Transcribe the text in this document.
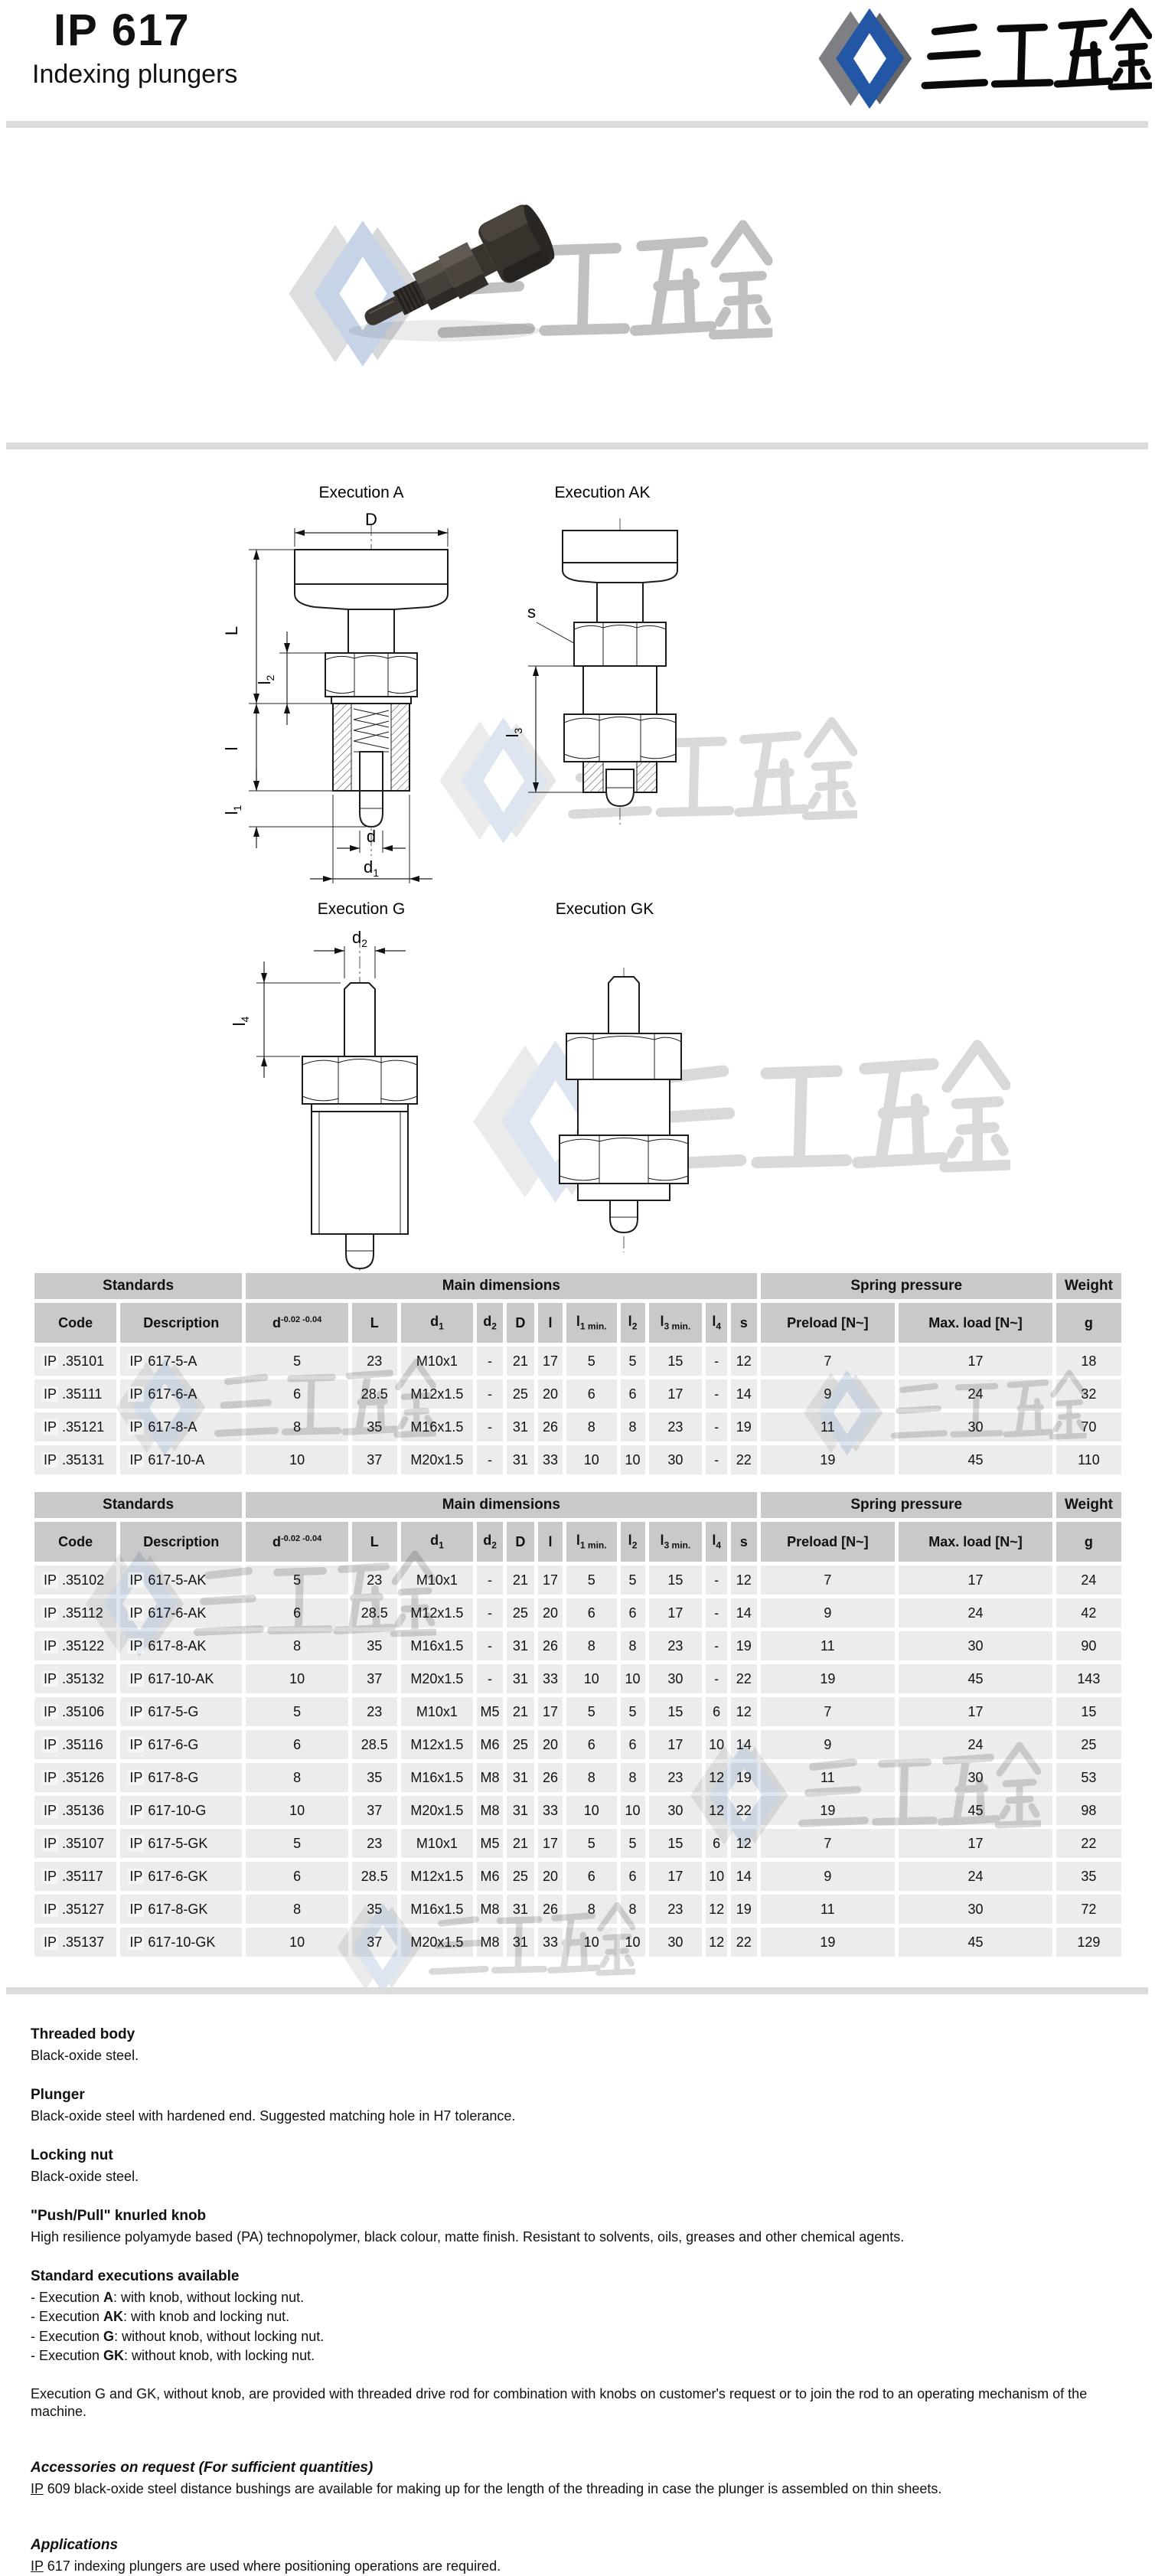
IP 617
Indexing plungers
Execution A	Execution AK
Execution G	Execution GK
D
L
$l_2$
l
$l_1$
d
$d_1$
s
$l_3$
$d_2$
$l_4$
Standards		Main dimensions											Spring pressure		Weight
Code	Description	$d^{-0.02 -0.04}$	L	$d_1$	$d_2$	D	l	$l_{1 min.}$	$l_2$	$l_{3 min.}$	$l_4$	s	Preload [N~]	Max. load [N~]	g
IP .35101	IP 617-5-A	5	23	M10x1	-	21	17	5	5	15	-	12	7	17	18
IP .35111	IP 617-6-A	6	28.5	M12x1.5	-	25	20	6	6	17	-	14	9	24	32
IP .35121	IP 617-8-A	8	35	M16x1.5	-	31	26	8	8	23	-	19	11	30	70
IP .35131	IP 617-10-A	10	37	M20x1.5	-	31	33	10	10	30	-	22	19	45	110
Standards		Main dimensions											Spring pressure		Weight
Code	Description	$d^{-0.02 -0.04}$	L	$d_1$	$d_2$	D	l	$l_{1 min.}$	$l_2$	$l_{3 min.}$	$l_4$	s	Preload [N~]	Max. load [N~]	g
IP .35102	IP 617-5-AK	5	23	M10x1	-	21	17	5	5	15	-	12	7	17	24
IP .35112	IP 617-6-AK	6	28.5	M12x1.5	-	25	20	6	6	17	-	14	9	24	42
IP .35122	IP 617-8-AK	8	35	M16x1.5	-	31	26	8	8	23	-	19	11	30	90
IP .35132	IP 617-10-AK	10	37	M20x1.5	-	31	33	10	10	30	-	22	19	45	143
IP .35106	IP 617-5-G	5	23	M10x1	M5	21	17	5	5	15	6	12	7	17	15
IP .35116	IP 617-6-G	6	28.5	M12x1.5	M6	25	20	6	6	17	10	14	9	24	25
IP .35126	IP 617-8-G	8	35	M16x1.5	M8	31	26	8	8	23	12	19	11	30	53
IP .35136	IP 617-10-G	10	37	M20x1.5	M8	31	33	10	10	30	12	22	19	45	98
IP .35107	IP 617-5-GK	5	23	M10x1	M5	21	17	5	5	15	6	12	7	17	22
IP .35117	IP 617-6-GK	6	28.5	M12x1.5	M6	25	20	6	6	17	10	14	9	24	35
IP .35127	IP 617-8-GK	8	35	M16x1.5	M8	31	26	8	8	23	12	19	11	30	72
IP .35137	IP 617-10-GK	10	37	M20x1.5	M8	31	33	10	10	30	12	22	19	45	129
Threaded body

Black-oxide steel.

Plunger

Black-oxide steel with hardened end. Suggested matching hole in H7 tolerance.

Locking nut

Black-oxide steel.

"Push/Pull" knurled knob

High resilience polyamyde based (PA) technopolymer, black colour, matte finish. Resistant to solvents, oils, greases and other chemical agents.

Standard executions available
- Execution A: with knob, without locking nut.
- Execution AK: with knob and locking nut.
- Execution G: without knob, without locking nut.
- Execution GK: without knob, with locking nut.

Execution G and GK, without knob, are provided with threaded drive rod for combination with knobs on customer's request or to join the rod to an operating mechanism of the machine.

Accessories on request (For sufficient quantities)

IP 609 black-oxide steel distance bushings are available for making up for the length of the threading in case the plunger is assembled on thin sheets.

Applications

IP 617 indexing plungers are used where positioning operations are required.
